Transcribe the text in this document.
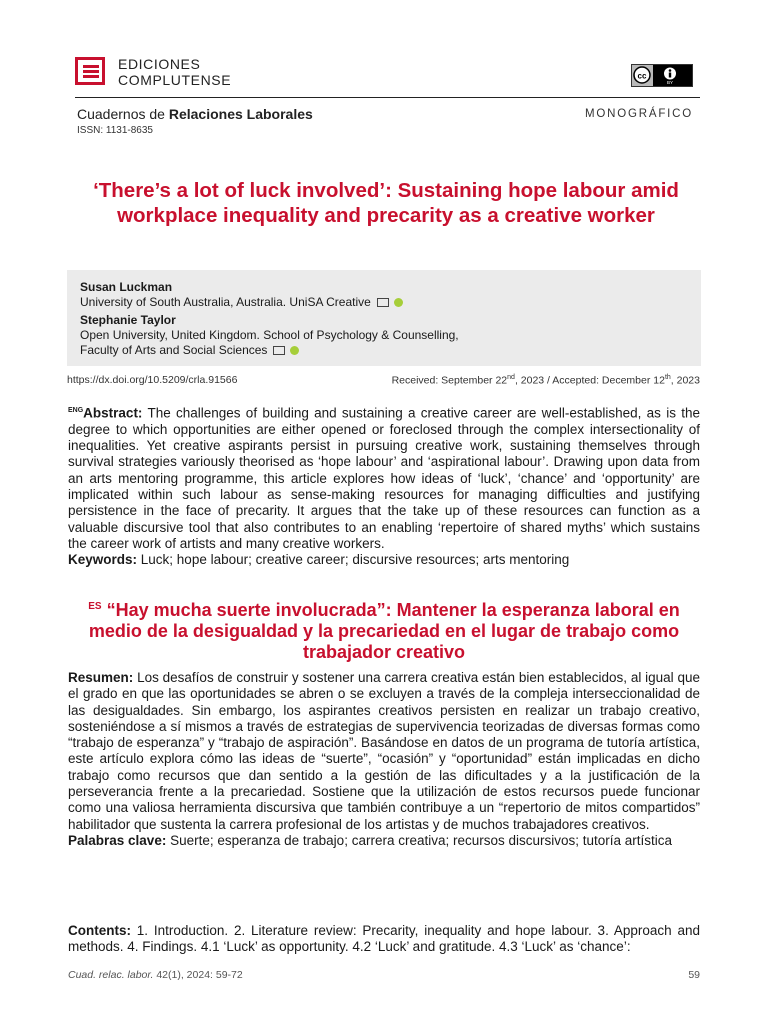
EDICIONES
COMPLUTENSE	cc
BY
Cuadernos de Relaciones Laborales
ISSN: 1131-8635
MONOGRÁFICO
‘There’s a lot of luck involved’: Sustaining hope labour amid workplace inequality and precarity as a creative worker
Susan Luckman
University of South Australia, Australia. UniSA Creative
Stephanie Taylor
Open University, United Kingdom. School of Psychology & Counselling,
Faculty of Arts and Social Sciences
https://dx.doi.org/10.5209/crla.91566	Received: September 22nd, 2023 / Accepted: December 12th, 2023
$^{ENG}$Abstract: The challenges of building and sustaining a creative career are well-established, as is the degree to which opportunities are either opened or foreclosed through the complex intersectionality of inequalities. Yet creative aspirants persist in pursuing creative work, sustaining themselves through survival strategies variously theorised as ‘hope labour’ and ‘aspirational labour’. Drawing upon data from an arts mentoring programme, this article explores how ideas of ‘luck’, ‘chance’ and ‘opportunity’ are implicated within such labour as sense-making resources for managing difficulties and justifying persistence in the face of precarity. It argues that the take up of these resources can function as a valuable discursive tool that also contributes to an enabling ‘repertoire of shared myths’ which sustains the career work of artists and many creative workers.
Keywords: Luck; hope labour; creative career; discursive resources; arts mentoring
$^{ES}$ “Hay mucha suerte involucrada”: Mantener la esperanza laboral en medio de la desigualdad y la precariedad en el lugar de trabajo como trabajador creativo
Resumen: Los desafíos de construir y sostener una carrera creativa están bien establecidos, al igual que el grado en que las oportunidades se abren o se excluyen a través de la compleja interseccionalidad de las desigualdades. Sin embargo, los aspirantes creativos persisten en realizar un trabajo creativo, sosteniéndose a sí mismos a través de estrategias de supervivencia teorizadas de diversas formas como “trabajo de esperanza” y “trabajo de aspiración”. Basándose en datos de un programa de tutoría artística, este artículo explora cómo las ideas de “suerte”, “ocasión” y “oportunidad” están implicadas en dicho trabajo como recursos que dan sentido a la gestión de las dificultades y a la justificación de la perseverancia frente a la precariedad. Sostiene que la utilización de estos recursos puede funcionar como una valiosa herramienta discursiva que también contribuye a un “repertorio de mitos compartidos” habilitador que sustenta la carrera profesional de los artistas y de muchos trabajadores creativos.
Palabras clave: Suerte; esperanza de trabajo; carrera creativa; recursos discursivos; tutoría artística
Contents: 1. Introduction. 2. Literature review: Precarity, inequality and hope labour. 3. Approach and methods. 4. Findings. 4.1 ‘Luck’ as opportunity. 4.2 ‘Luck’ and gratitude. 4.3 ‘Luck’ as ‘chance’:
Cuad. relac. labor. 42(1), 2024: 59-72	59
